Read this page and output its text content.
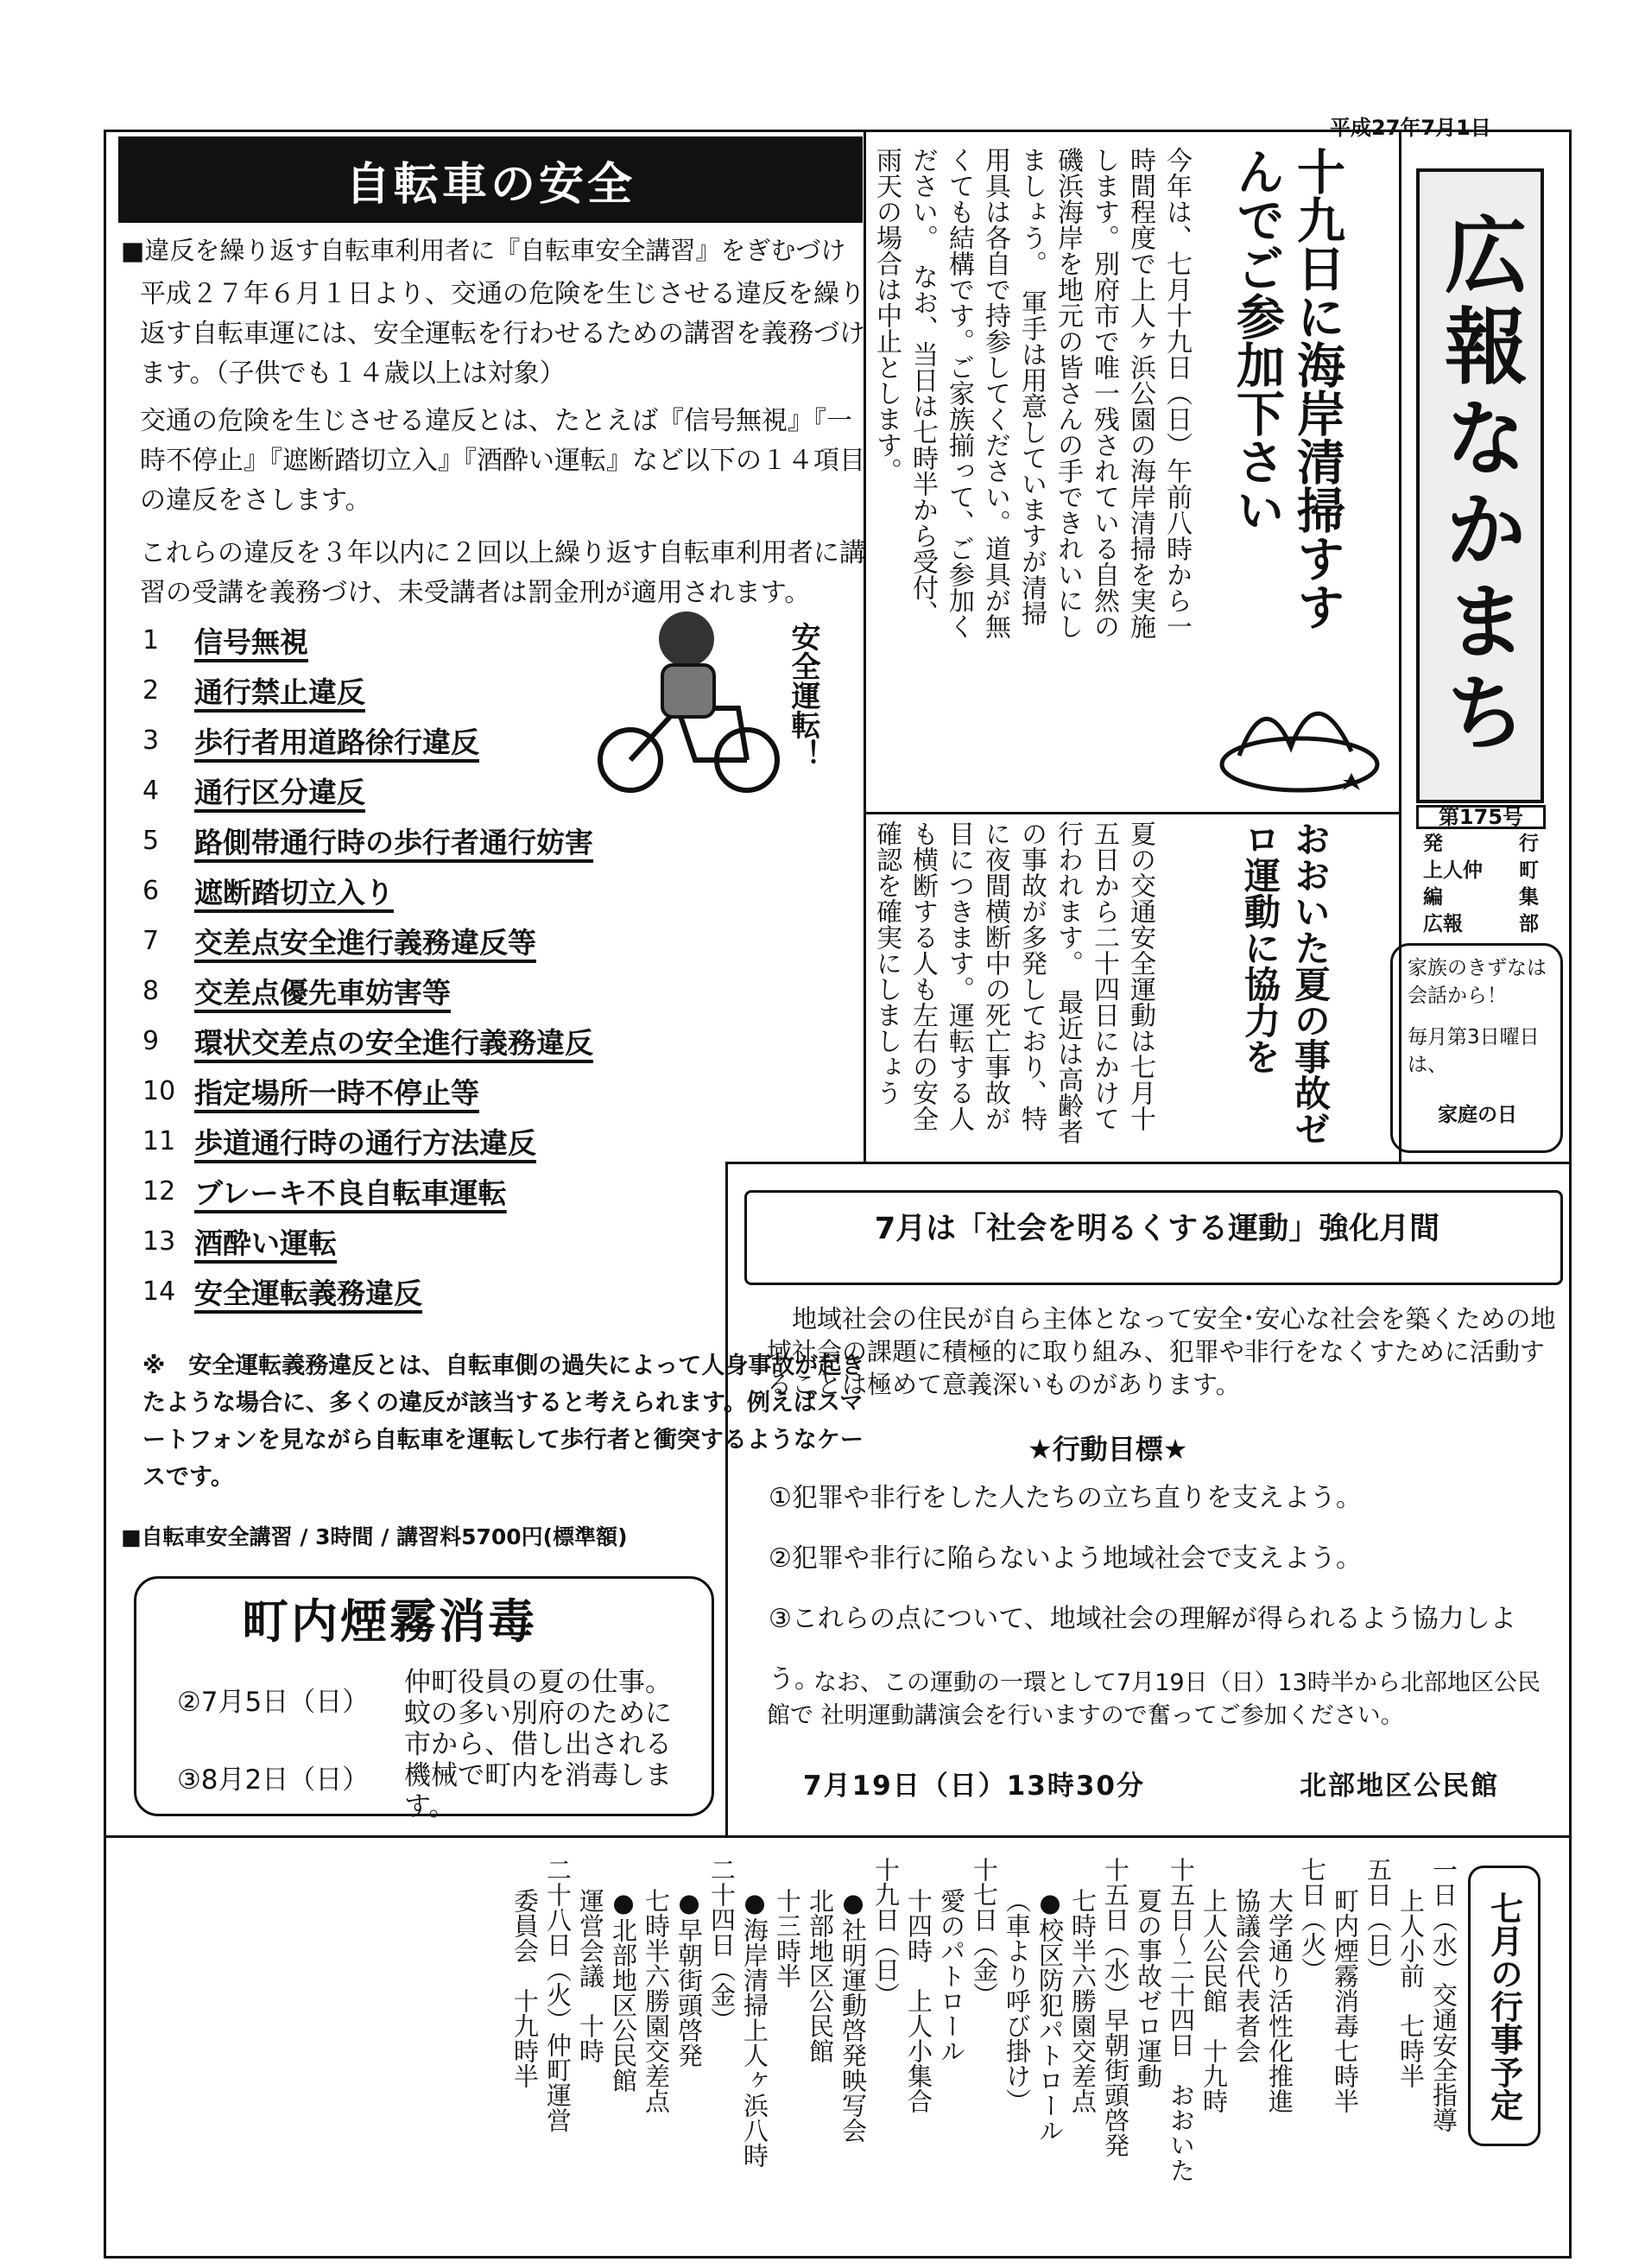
平成27年7月1日
自転車の安全
■違反を繰り返す自転車利用者に『自転車安全講習』をぎむづけ
平成２７年６月１日より、交通の危険を生じさせる違反を繰り返す自転車運には、安全運転を行わせるための講習を義務づけます。（子供でも１４歳以上は対象）
交通の危険を生じさせる違反とは、たとえば『信号無視』『一時不停止』『遮断踏切立入』『酒酔い運転』など以下の１４項目の違反をさします。
これらの違反を３年以内に２回以上繰り返す自転車利用者に講習の受講を義務づけ、未受講者は罰金刑が適用されます。
1	信号無視
2	通行禁止違反
3	歩行者用道路徐行違反
4	通行区分違反
5	路側帯通行時の歩行者通行妨害
6	遮断踏切立入り
7	交差点安全進行義務違反等
8	交差点優先車妨害等
9	環状交差点の安全進行義務違反
10 指定場所一時不停止等
11 歩道通行時の通行方法違反
12 ブレーキ不良自転車運転
13 酒酔い運転
14 安全運転義務違反
安全運転！
※　安全運転義務違反とは、自転車側の過失によって人身事故が起きたような場合に、多くの違反が該当すると考えられます。例えばスマートフォンを見ながら自転車を運転して歩行者と衝突するようなケースです。
■自転車安全講習 / 3時間 / 講習料5700円(標準額)
町内煙霧消毒
②7月5日（日）
③8月2日（日）
仲町役員の夏の仕事。蚊の多い別府のために市から、借し出される機械で町内を消毒します。
十九日に海岸清掃すすんでご参加下さい
今年は、七月十九日（日）午前八時から一時間程度で上人ヶ浜公園の海岸清掃を実施します。別府市で唯一残されている自然の磯浜海岸を地元の皆さんの手できれいにしましょう。　軍手は用意していますが清掃用具は各自で持参してください。道具が無くても結構です。ご家族揃って、ご参加ください。　なお、当日は七時半から受付、雨天の場合は中止とします。
おおいた夏の事故ゼロ運動に協力を
夏の交通安全運動は七月十五日から二十四日にかけて行われます。　最近は高齢者の事故が多発しており、特に夜間横断中の死亡事故が目につきます。運転する人も横断する人も左右の安全確認を確実にしましょう
広報なかまち
第175号
発	行
上人仲 町
編	集
広報	部
家族のきずなは会話から！
毎月第3日曜日は、
家庭の日
7月は「社会を明るくする運動」強化月間
地域社会の住民が自ら主体となって安全･安心な社会を築くための地域社会の課題に積極的に取り組み、犯罪や非行をなくすために活動することは極めて意義深いものがあります。
★行動目標★
①犯罪や非行をした人たちの立ち直りを支えよう。
②犯罪や非行に陥らないよう地域社会で支えよう。
③これらの点について、地域社会の理解が得られるよう協力しよう。
なお、この運動の一環として7月19日（日）13時半から北部地区公民館で 社明運動講演会を行いますので奮ってご参加ください。
7月19日（日）13時30分	北部地区公民館
七月の行事予定
一日（水）交通安全指導
上人小前　七時半
五日（日）
町内煙霧消毒七時半
七日（火）
大学通り活性化推進
協議会代表者会
上人公民館　十九時
十五日～二十四日　おおいた
夏の事故ゼロ運動
十五日（水）早朝街頭啓発
七時半六勝園交差点
●校区防犯パトロール
（車より呼び掛け）
十七日（金）
愛のパトロール
十四時　上人小集合
十九日（日）
●社明運動啓発映写会
北部地区公民館
十三時半
●海岸清掃上人ヶ浜八時
二十四日（金）
●早朝街頭啓発
七時半六勝園交差点
●北部地区公民館
運営会議　十時
二十八日（火）仲町運営
委員会　十九時半
